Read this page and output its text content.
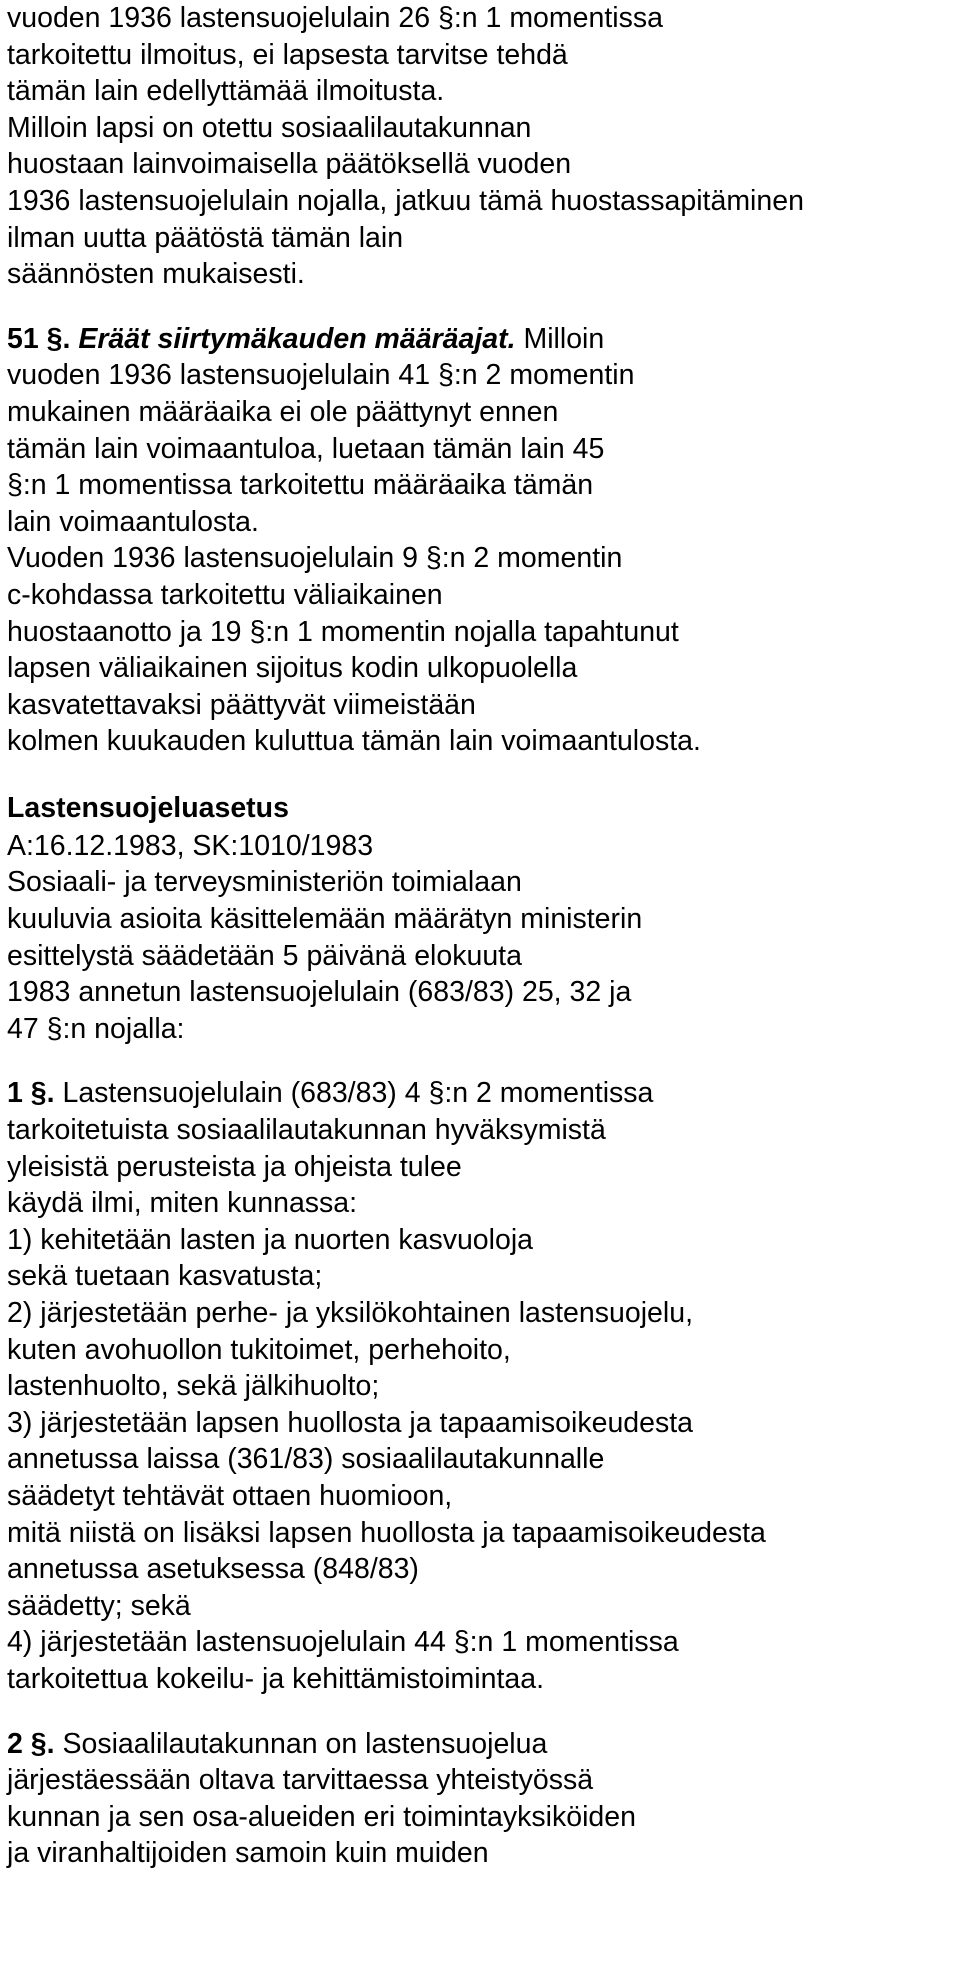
vuoden 1936 lastensuojelulain 26 §:n 1 momentissa
tarkoitettu ilmoitus, ei lapsesta tarvitse tehdä
tämän lain edellyttämää ilmoitusta.
Milloin lapsi on otettu sosiaalilautakunnan
huostaan lainvoimaisella päätöksellä vuoden
1936 lastensuojelulain nojalla, jatkuu tämä huostassapitäminen
ilman uutta päätöstä tämän lain
säännösten mukaisesti.
51 §. Eräät siirtymäkauden määräajat. Milloin
vuoden 1936 lastensuojelulain 41 §:n 2 momentin
mukainen määräaika ei ole päättynyt ennen
tämän lain voimaantuloa, luetaan tämän lain 45
§:n 1 momentissa tarkoitettu määräaika tämän
lain voimaantulosta.
Vuoden 1936 lastensuojelulain 9 §:n 2 momentin
c-kohdassa tarkoitettu väliaikainen
huostaanotto ja 19 §:n 1 momentin nojalla tapahtunut
lapsen väliaikainen sijoitus kodin ulkopuolella
kasvatettavaksi päättyvät viimeistään
kolmen kuukauden kuluttua tämän lain voimaantulosta.
Lastensuojeluasetus
A:16.12.1983, SK:1010/1983
Sosiaali- ja terveysministeriön toimialaan
kuuluvia asioita käsittelemään määrätyn ministerin
esittelystä säädetään 5 päivänä elokuuta
1983 annetun lastensuojelulain (683/83) 25, 32 ja
47 §:n nojalla:
1 §. Lastensuojelulain (683/83) 4 §:n 2 momentissa
tarkoitetuista sosiaalilautakunnan hyväksymistä
yleisistä perusteista ja ohjeista tulee
käydä ilmi, miten kunnassa:
1) kehitetään lasten ja nuorten kasvuoloja
sekä tuetaan kasvatusta;
2) järjestetään perhe- ja yksilökohtainen lastensuojelu,
kuten avohuollon tukitoimet, perhehoito,
lastenhuolto, sekä jälkihuolto;
3) järjestetään lapsen huollosta ja tapaamisoikeudesta
annetussa laissa (361/83) sosiaalilautakunnalle
säädetyt tehtävät ottaen huomioon,
mitä niistä on lisäksi lapsen huollosta ja tapaamisoikeudesta
annetussa asetuksessa (848/83)
säädetty; sekä
4) järjestetään lastensuojelulain 44 §:n 1 momentissa
tarkoitettua kokeilu- ja kehittämistoimintaa.
2 §. Sosiaalilautakunnan on lastensuojelua
järjestäessään oltava tarvittaessa yhteistyössä
kunnan ja sen osa-alueiden eri toimintayksiköiden
ja viranhaltijoiden samoin kuin muiden
